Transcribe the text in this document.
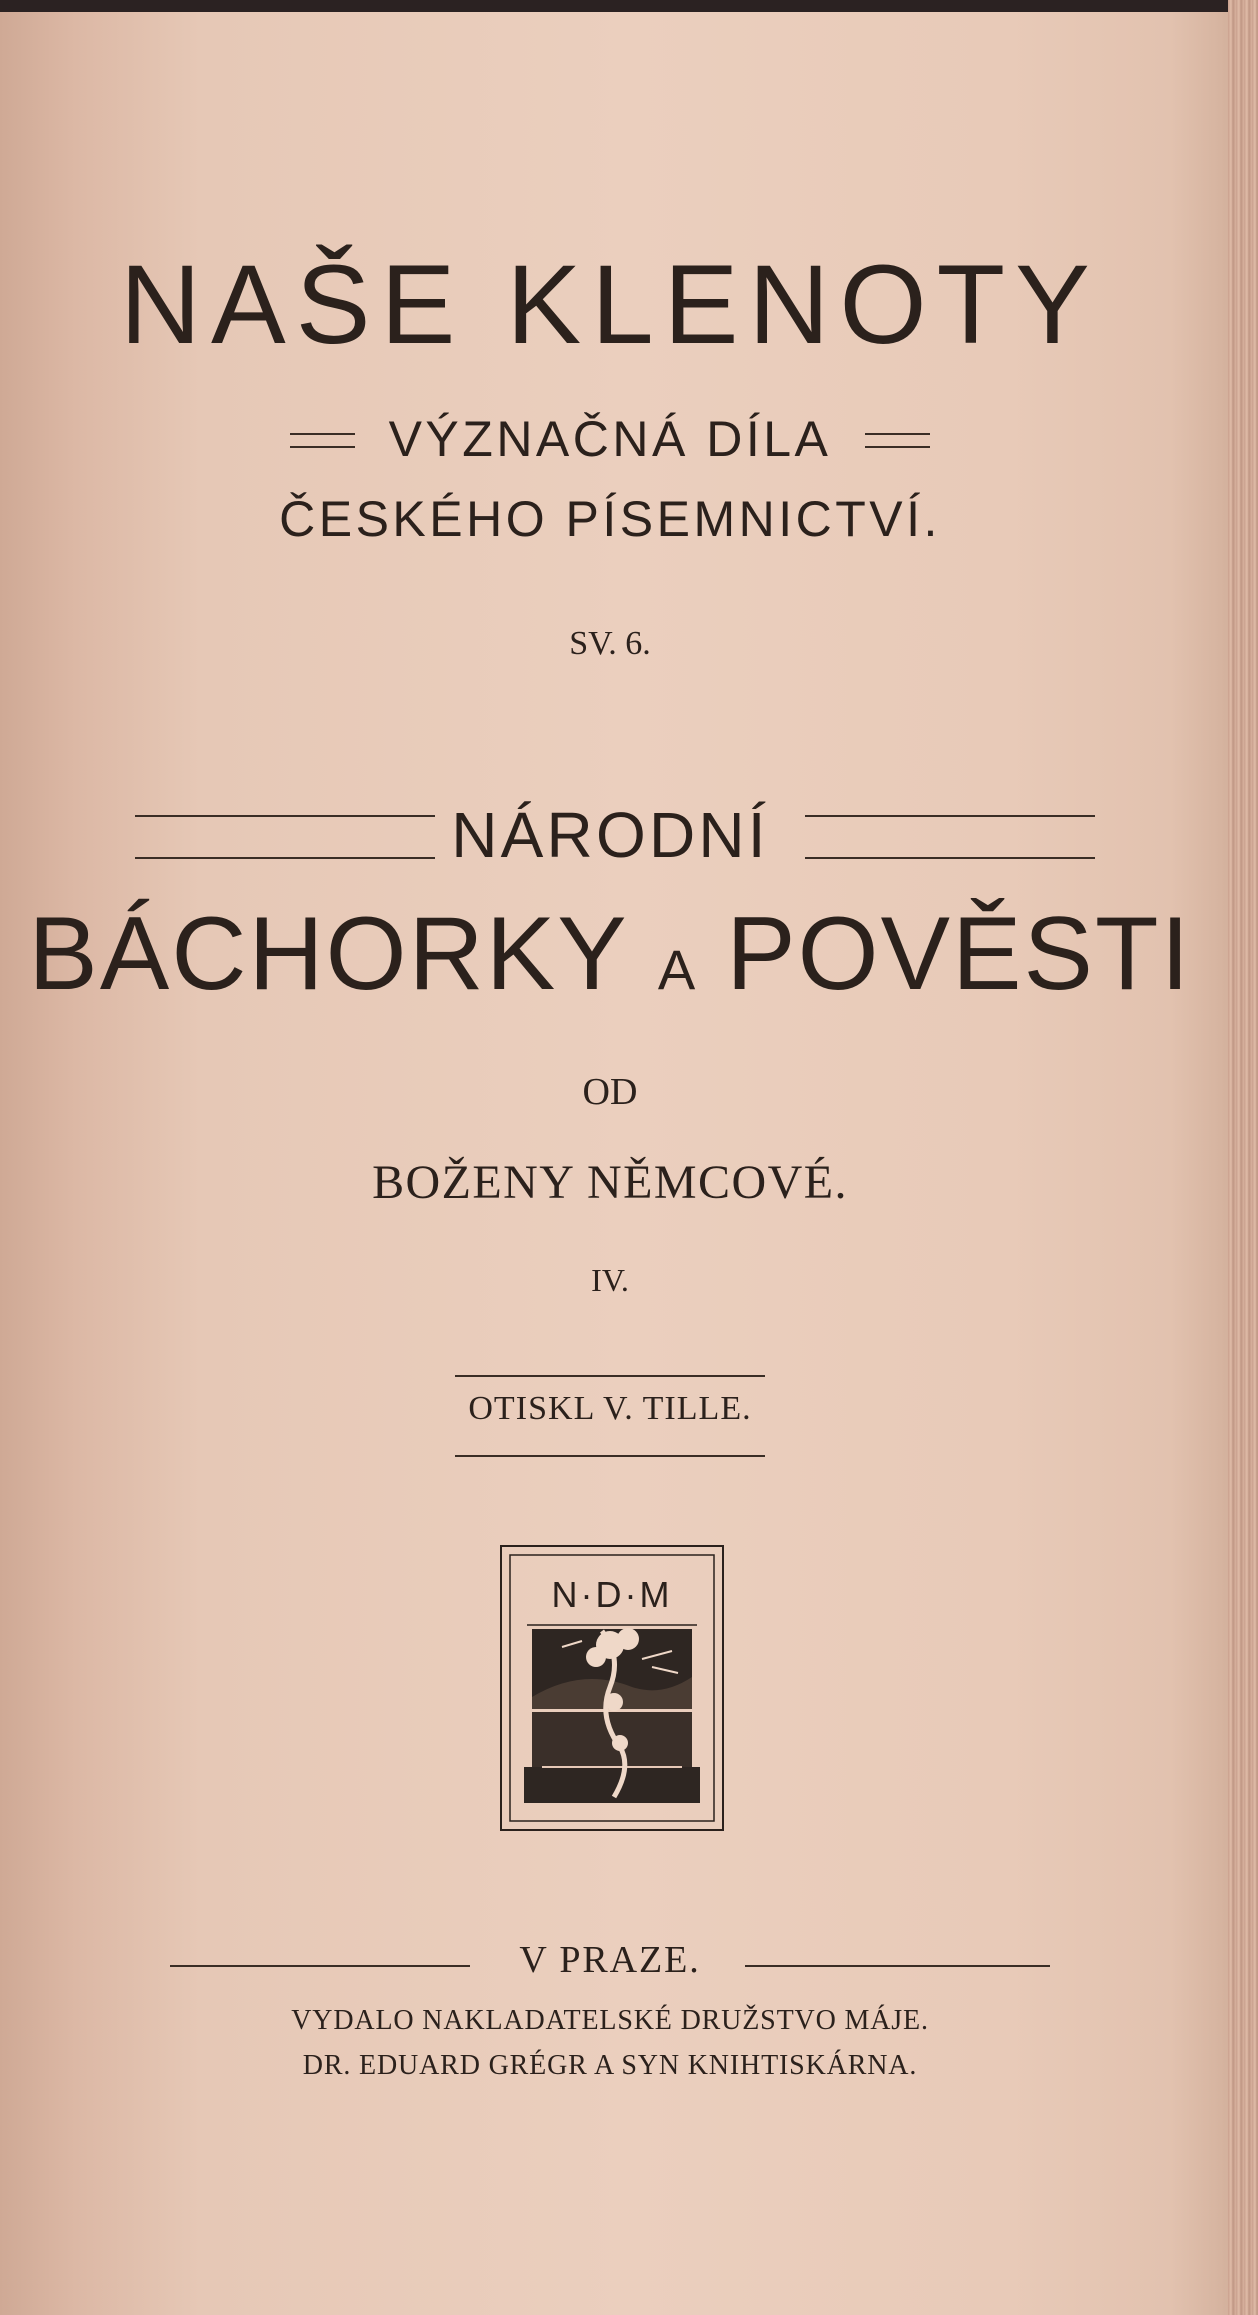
NAŠE KLENOTY
VÝZNAČNÁ DÍLA
ČESKÉHO PÍSEMNICTVÍ.
SV. 6.
NÁRODNÍ
BÁCHORKY A POVĚSTI
OD
BOŽENY NĚMCOVÉ.
IV.
OTISKL V. TILLE.
N·D·M
V PRAZE.
VYDALO NAKLADATELSKÉ DRUŽSTVO MÁJE.
DR. EDUARD GRÉGR A SYN KNIHTISKÁRNA.
